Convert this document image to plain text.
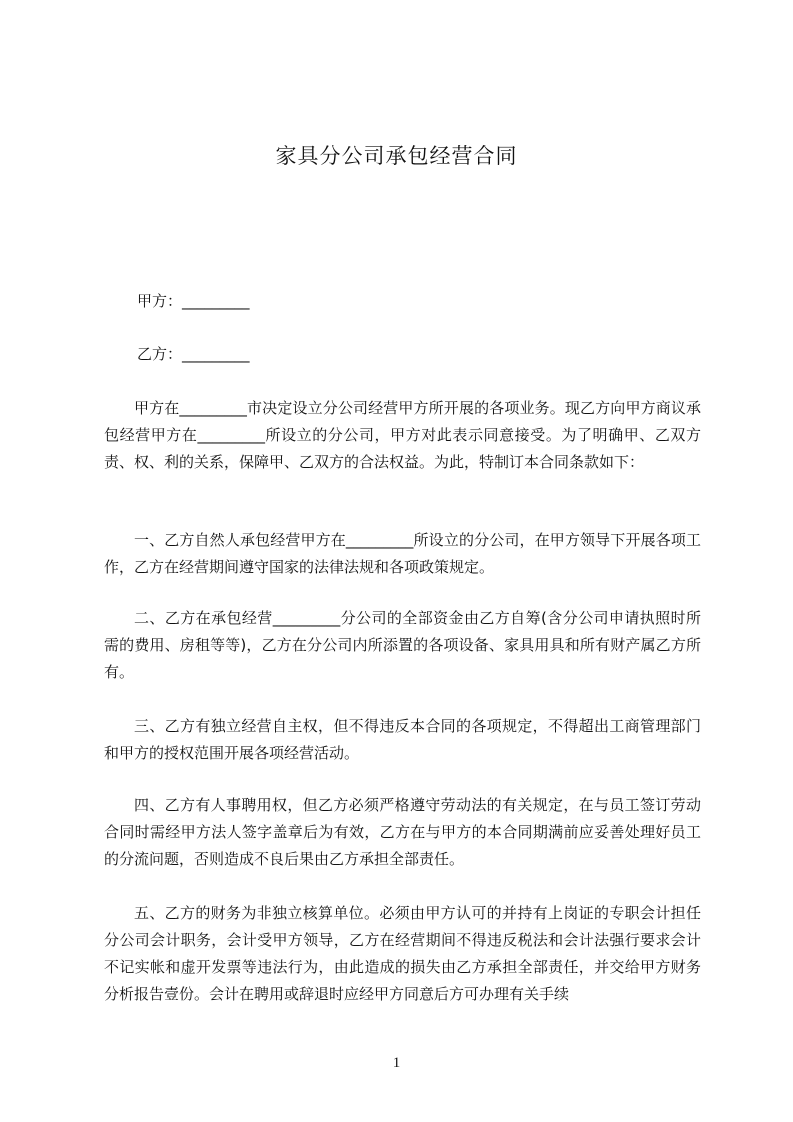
家具分公司承包经营合同
甲方：_________
乙方：_________

甲方在_________市决定设立分公司经营甲方所开展的各项业务。现乙方向甲方商议承包经营甲方在_________所设立的分公司，甲方对此表示同意接受。为了明确甲、乙双方责、权、利的关系，保障甲、乙双方的合法权益。为此，特制订本合同条款如下：

一、乙方自然人承包经营甲方在_________所设立的分公司，在甲方领导下开展各项工作，乙方在经营期间遵守国家的法律法规和各项政策规定。

二、乙方在承包经营_________分公司的全部资金由乙方自筹(含分公司申请执照时所需的费用、房租等等)，乙方在分公司内所添置的各项设备、家具用具和所有财产属乙方所有。

三、乙方有独立经营自主权，但不得违反本合同的各项规定，不得超出工商管理部门和甲方的授权范围开展各项经营活动。

四、乙方有人事聘用权，但乙方必须严格遵守劳动法的有关规定，在与员工签订劳动合同时需经甲方法人签字盖章后为有效，乙方在与甲方的本合同期满前应妥善处理好员工的分流问题，否则造成不良后果由乙方承担全部责任。

五、乙方的财务为非独立核算单位。必须由甲方认可的并持有上岗证的专职会计担任分公司会计职务，会计受甲方领导，乙方在经营期间不得违反税法和会计法强行要求会计不记实帐和虚开发票等违法行为，由此造成的损失由乙方承担全部责任，并交给甲方财务分析报告壹份。会计在聘用或辞退时应经甲方同意后方可办理有关手续

1
